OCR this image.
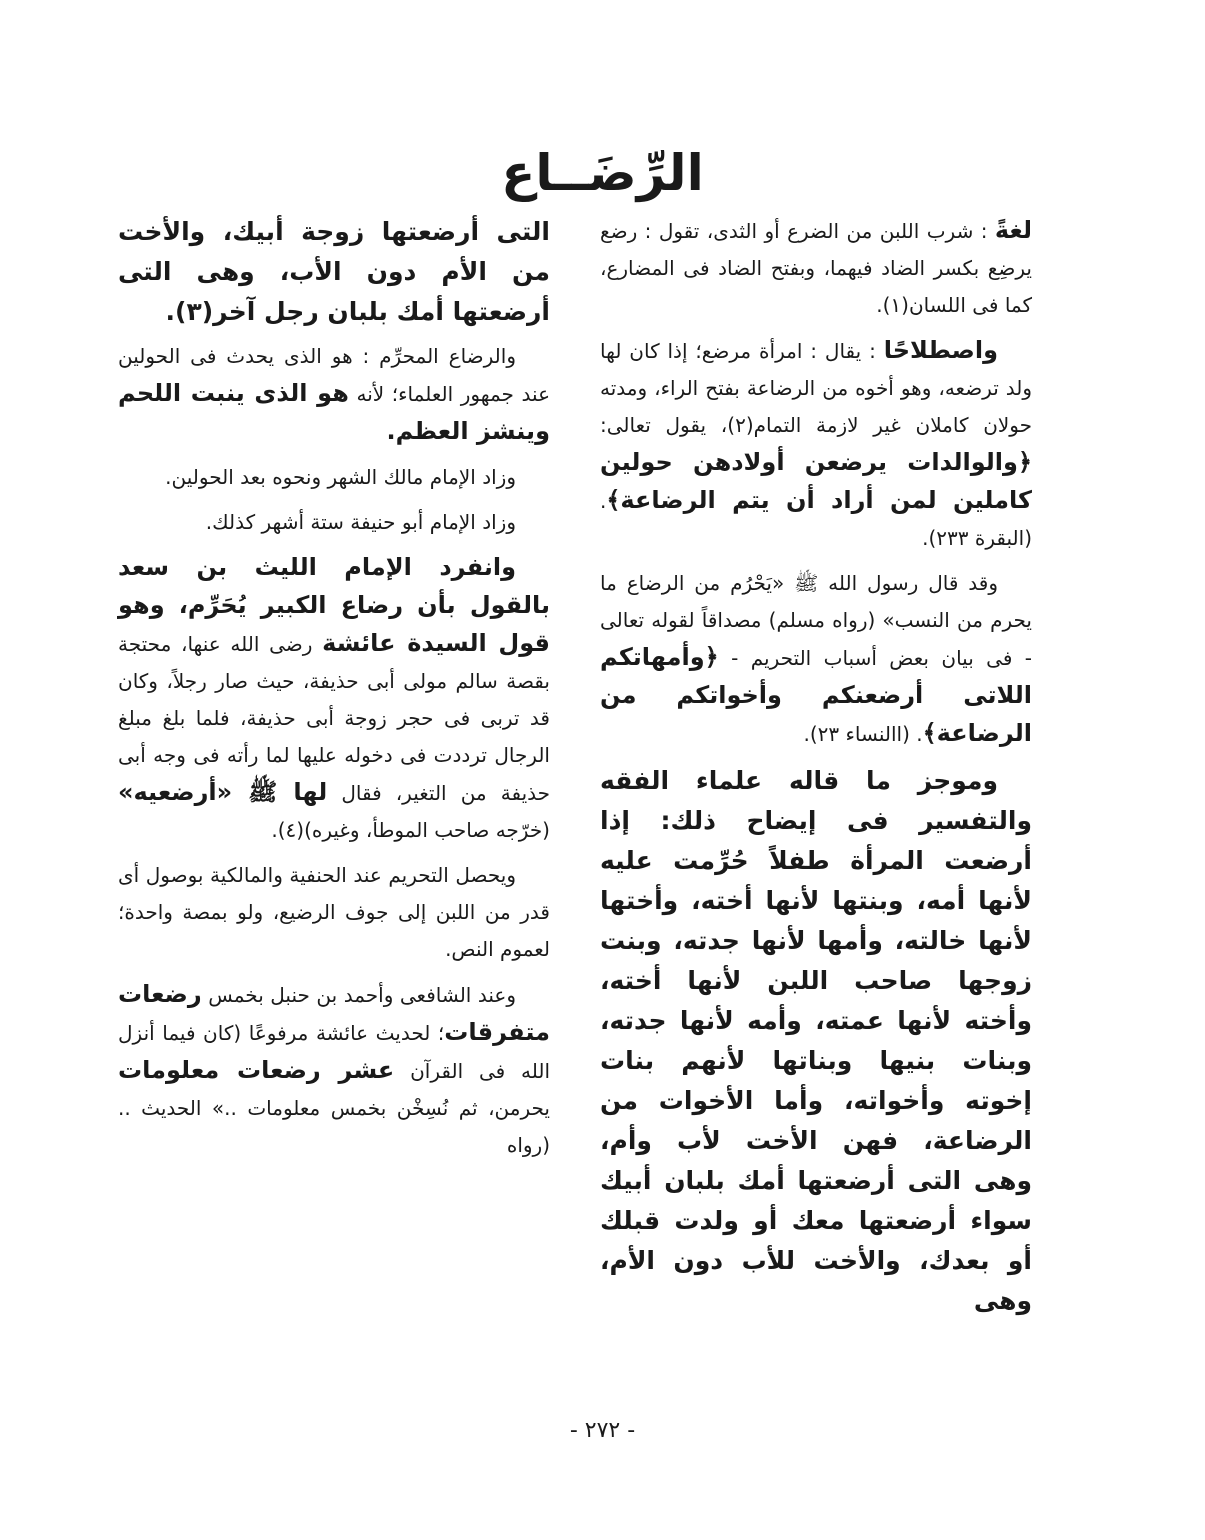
الرِّضَــاع

لغةً : شرب اللبن من الضرع أو الثدى، تقول : رضع يرضِع بكسر الضاد فيهما، وبفتح الضاد فى المضارع، كما فى اللسان(١).

واصطلاحًا : يقال : امرأة مرضع؛ إذا كان لها ولد ترضعه، وهو أخوه من الرضاعة بفتح الراء، ومدته حولان كاملان غير لازمة التمام(٢)، يقول تعالى: ﴿والوالدات يرضعن أولادهن حولين كاملين لمن أراد أن يتم الرضاعة﴾. (البقرة ٢٣٣).

وقد قال رسول الله ﷺ «يَحْرُم من الرضاع ما يحرم من النسب» (رواه مسلم) مصداقاً لقوله تعالى - فى بيان بعض أسباب التحريم - ﴿وأمهاتكم اللاتى أرضعنكم وأخواتكم من الرضاعة﴾. (االنساء ٢٣).

وموجز ما قاله علماء الفقه والتفسير فى إيضاح ذلك: إذا أرضعت المرأة طفلاً حُرِّمت عليه لأنها أمه، وبنتها لأنها أخته، وأختها لأنها خالته، وأمها لأنها جدته، وبنت زوجها صاحب اللبن لأنها أخته، وأخته لأنها عمته، وأمه لأنها جدته، وبنات بنيها وبناتها لأنهم بنات إخوته وأخواته، وأما الأخوات من الرضاعة، فهن الأخت لأب وأم، وهى التى أرضعتها أمك بلبان أبيك سواء أرضعتها معك أو ولدت قبلك أو بعدك، والأخت للأب دون الأم، وهى

التى أرضعتها زوجة أبيك، والأخت من الأم دون الأب، وهى التى أرضعتها أمك بلبان رجل آخر(٣).

والرضاع المحرِّم : هو الذى يحدث فى الحولين عند جمهور العلماء؛ لأنه هو الذى ينبت اللحم وينشز العظم.

وزاد الإمام مالك الشهر ونحوه بعد الحولين.

وزاد الإمام أبو حنيفة ستة أشهر كذلك.

وانفرد الإمام الليث بن سعد بالقول بأن رضاع الكبير يُحَرِّم، وهو قول السيدة عائشة رضى الله عنها، محتجة بقصة سالم مولى أبى حذيفة، حيث صار رجلاً، وكان قد تربى فى حجر زوجة أبى حذيفة، فلما بلغ مبلغ الرجال ترددت فى دخوله عليها لما رأته فى وجه أبى حذيفة من التغير، فقال لها ﷺ «أرضعيه» (خرّجه صاحب الموطأ، وغيره)(٤).

ويحصل التحريم عند الحنفية والمالكية بوصول أى قدر من اللبن إلى جوف الرضيع، ولو بمصة واحدة؛ لعموم النص.

وعند الشافعى وأحمد بن حنبل بخمس رضعات متفرقات؛ لحديث عائشة مرفوعًا (كان فيما أنزل الله فى القرآن عشر رضعات معلومات يحرمن، ثم نُسِخْن بخمس معلومات ..» الحديث .. (رواه

- ٢٧٢ -
